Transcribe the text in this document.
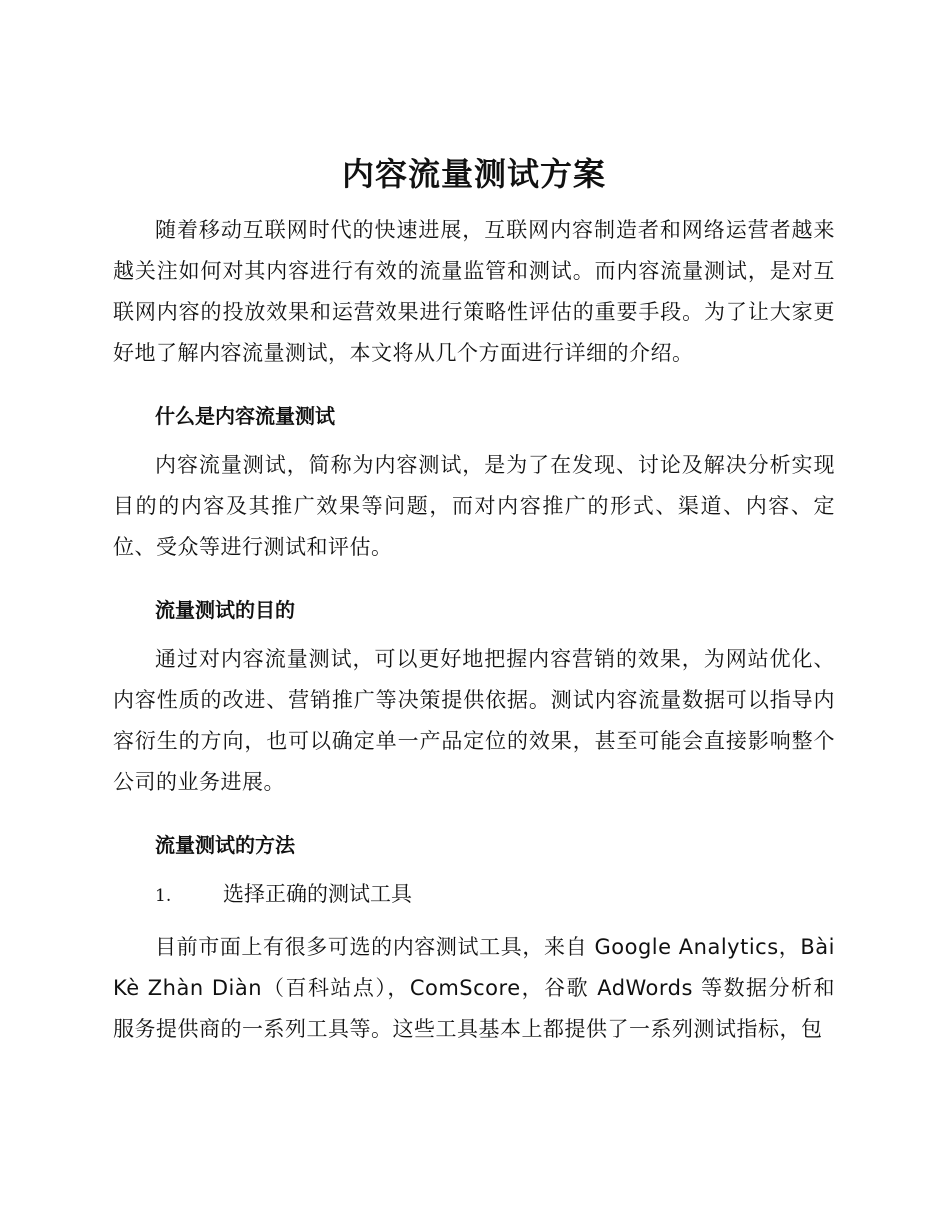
内容流量测试方案

随着移动互联网时代的快速进展，互联网内容制造者和网络运营者越来越关注如何对其内容进行有效的流量监管和测试。而内容流量测试，是对互联网内容的投放效果和运营效果进行策略性评估的重要手段。为了让大家更好地了解内容流量测试，本文将从几个方面进行详细的介绍。

什么是内容流量测试

内容流量测试，简称为内容测试，是为了在发现、讨论及解决分析实现目的的内容及其推广效果等问题，而对内容推广的形式、渠道、内容、定位、受众等进行测试和评估。

流量测试的目的

通过对内容流量测试，可以更好地把握内容营销的效果，为网站优化、内容性质的改进、营销推广等决策提供依据。测试内容流量数据可以指导内容衍生的方向，也可以确定单一产品定位的效果，甚至可能会直接影响整个公司的业务进展。

流量测试的方法
1.	选择正确的测试工具

目前市面上有很多可选的内容测试工具，来自 Google Analytics，Bài Kè Zhàn Diàn（百科站点），ComScore，谷歌 AdWords 等数据分析和服务提供商的一系列工具等。这些工具基本上都提供了一系列测试指标，包
